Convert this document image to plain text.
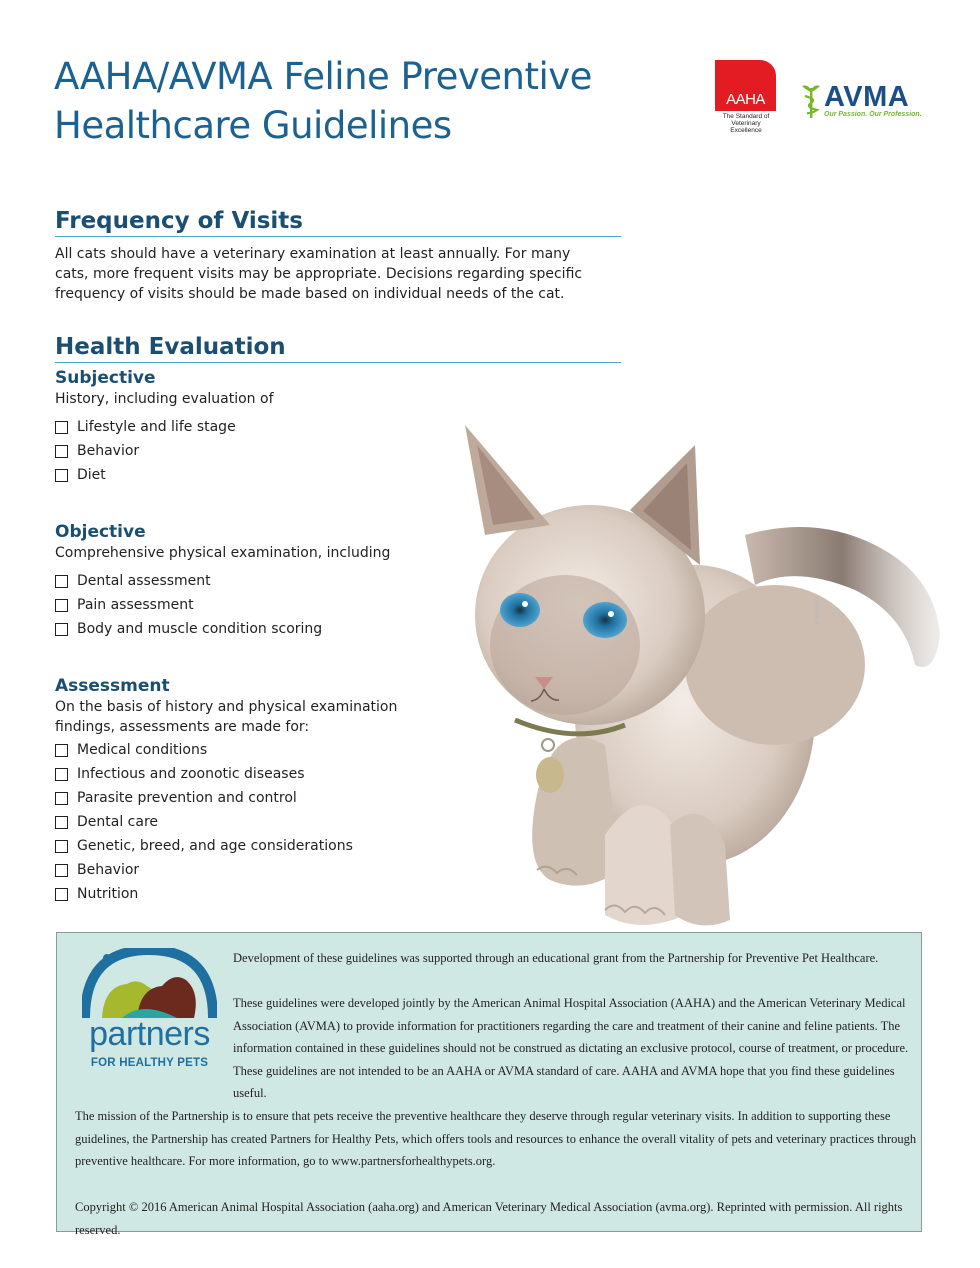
AAHA/AVMA Feline Preventive
Healthcare Guidelines
AAHA
The Standard of
Veterinary Excellence
AVMA
Our Passion. Our Profession.
Frequency of Visits
All cats should have a veterinary examination at least annually. For many
cats, more frequent visits may be appropriate. Decisions regarding specific
frequency of visits should be made based on individual needs of the cat.
Health Evaluation
Subjective
History, including evaluation of
Lifestyle and life stage
Behavior
Diet
Objective
Comprehensive physical examination, including
Dental assessment
Pain assessment
Body and muscle condition scoring
Assessment
On the basis of history and physical examination
findings, assessments are made for:
Medical conditions
Infectious and zoonotic diseases
Parasite prevention and control
Dental care
Genetic, breed, and age considerations
Behavior
Nutrition
© SmitViet
partners
FOR HEALTHY PETS

Development of these guidelines was supported through an educational grant from the Partnership for Preventive Pet Healthcare.

These guidelines were developed jointly by the American Animal Hospital Association (AAHA) and the American Veterinary Medical
Association (AVMA) to provide information for practitioners regarding the care and treatment of their canine and feline patients. The
information contained in these guidelines should not be construed as dictating an exclusive protocol, course of treatment, or procedure.
These guidelines are not intended to be an AAHA or AVMA standard of care. AAHA and AVMA hope that you find these guidelines useful.

The mission of the Partnership is to ensure that pets receive the preventive healthcare they deserve through regular veterinary visits. In addition to supporting these
guidelines, the Partnership has created Partners for Healthy Pets, which offers tools and resources to enhance the overall vitality of pets and veterinary practices through
preventive healthcare. For more information, go to www.partnersforhealthypets.org.

Copyright © 2016 American Animal Hospital Association (aaha.org) and American Veterinary Medical Association (avma.org). Reprinted with permission. All rights reserved.
